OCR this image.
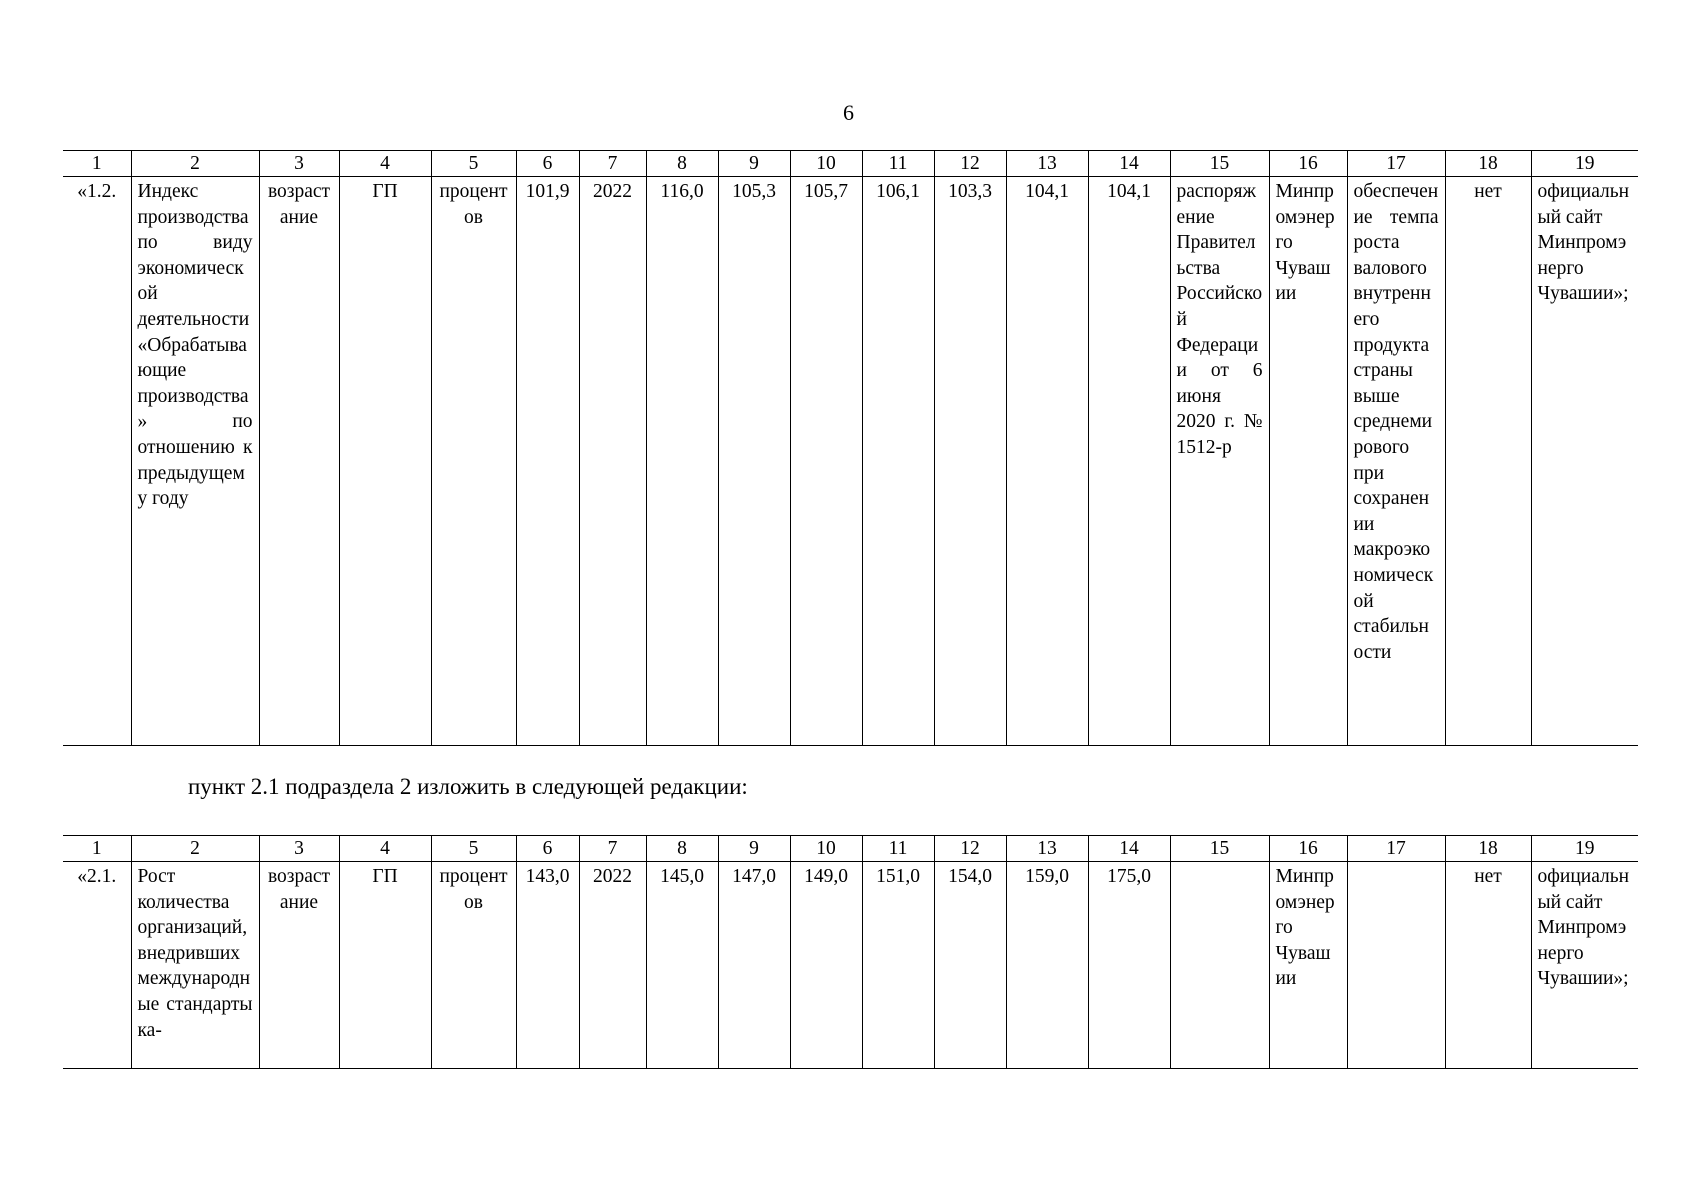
6
1	2	3	4	5	6	7	8	9	10	11	12	13	14	15	16	17	18	19
«1.2.	Индекс производства по виду экономической деятельности «Обрабатывающие производства» по отношению к предыдущему году	возрастание	ГП	процентов	101,9	2022	116,0	105,3	105,7	106,1	103,3	104,1	104,1	распоряжение Правительства Российской Федерации от 6 июня 2020 г. № 1512-р	Минпромэнерго Чувашии	обеспечение темпа роста валового внутреннего продукта страны выше среднемирового при сохранении макроэкономической стабильности	нет	официальный сайт Минпромэнерго Чувашии»;
пункт 2.1 подраздела 2 изложить в следующей редакции:
1	2	3	4	5	6	7	8	9	10	11	12	13	14	15	16	17	18	19
«2.1.	Рост количества организаций, внедривших международные стандарты ка-	возрастание	ГП	процентов	143,0	2022	145,0	147,0	149,0	151,0	154,0	159,0	175,0		Минпромэнерго Чувашии		нет	официальный сайт Минпромэнерго Чувашии»;
